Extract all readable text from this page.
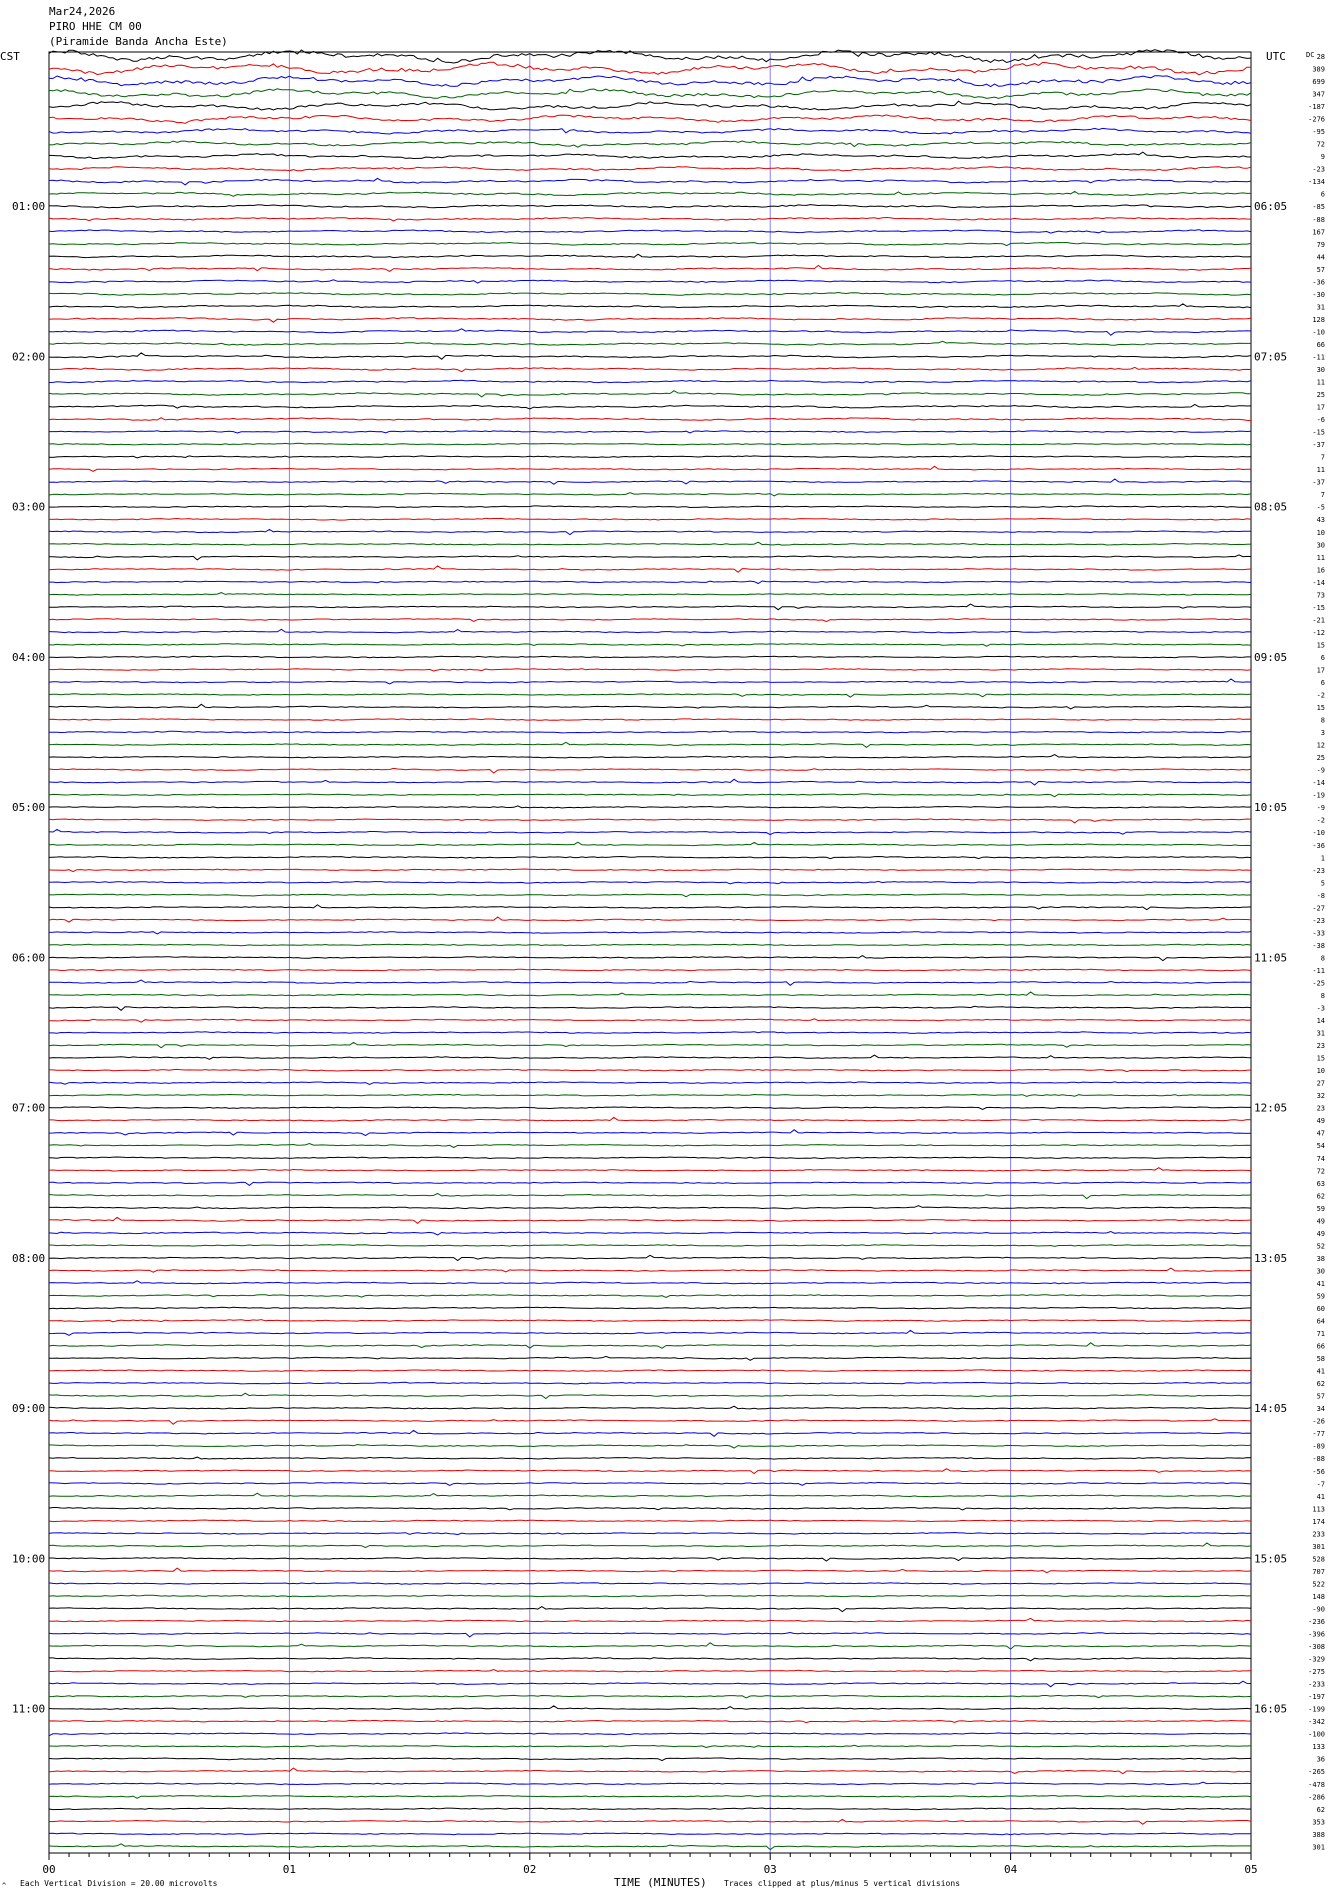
Mar24,2026
PIRO HHE CM 00
(Piramide Banda Ancha Este)
CST	UTC	DC
01:00
02:00
03:00
04:00
05:00
06:00
07:00
08:00
09:00
10:00
11:00
06:05
07:05
08:05
09:05
10:05
11:05
12:05
13:05
14:05
15:05
16:05
28
389
699
347
-187
-276
-95
72
9
-23
-134
6
-85
-88
167
79
44
57
-36
-30
31
128
-10
66
-11
30
11
25
17
-6
-15
-37
7
11
-37
7
-5
43
10
30
11
16
-14
73
-15
-21
-12
15
6
17
6
-2
15
8
3
12
25
-9
-14
-19
-9
-2
-10
-36
1
-23
5
-8
-27
-23
-33
-38
8
-11
-25
8
-3
14
31
23
15
10
27
32
23
49
47
54
74
72
63
62
59
49
49
52
38
30
41
59
60
64
71
66
58
41
62
57
34
-26
-77
-89
-88
-56
-7
41
113
174
233
301
528
707
522
148
-90
-236
-396
-308
-329
-275
-233
-197
-199
-342
-100
133
36
-265
-478
-286
62
353
388
301
00	01	02	03	04	05
TIME (MINUTES)
Each Vertical Division = 20.00 microvolts	Traces clipped at plus/minus 5 vertical divisions
^
